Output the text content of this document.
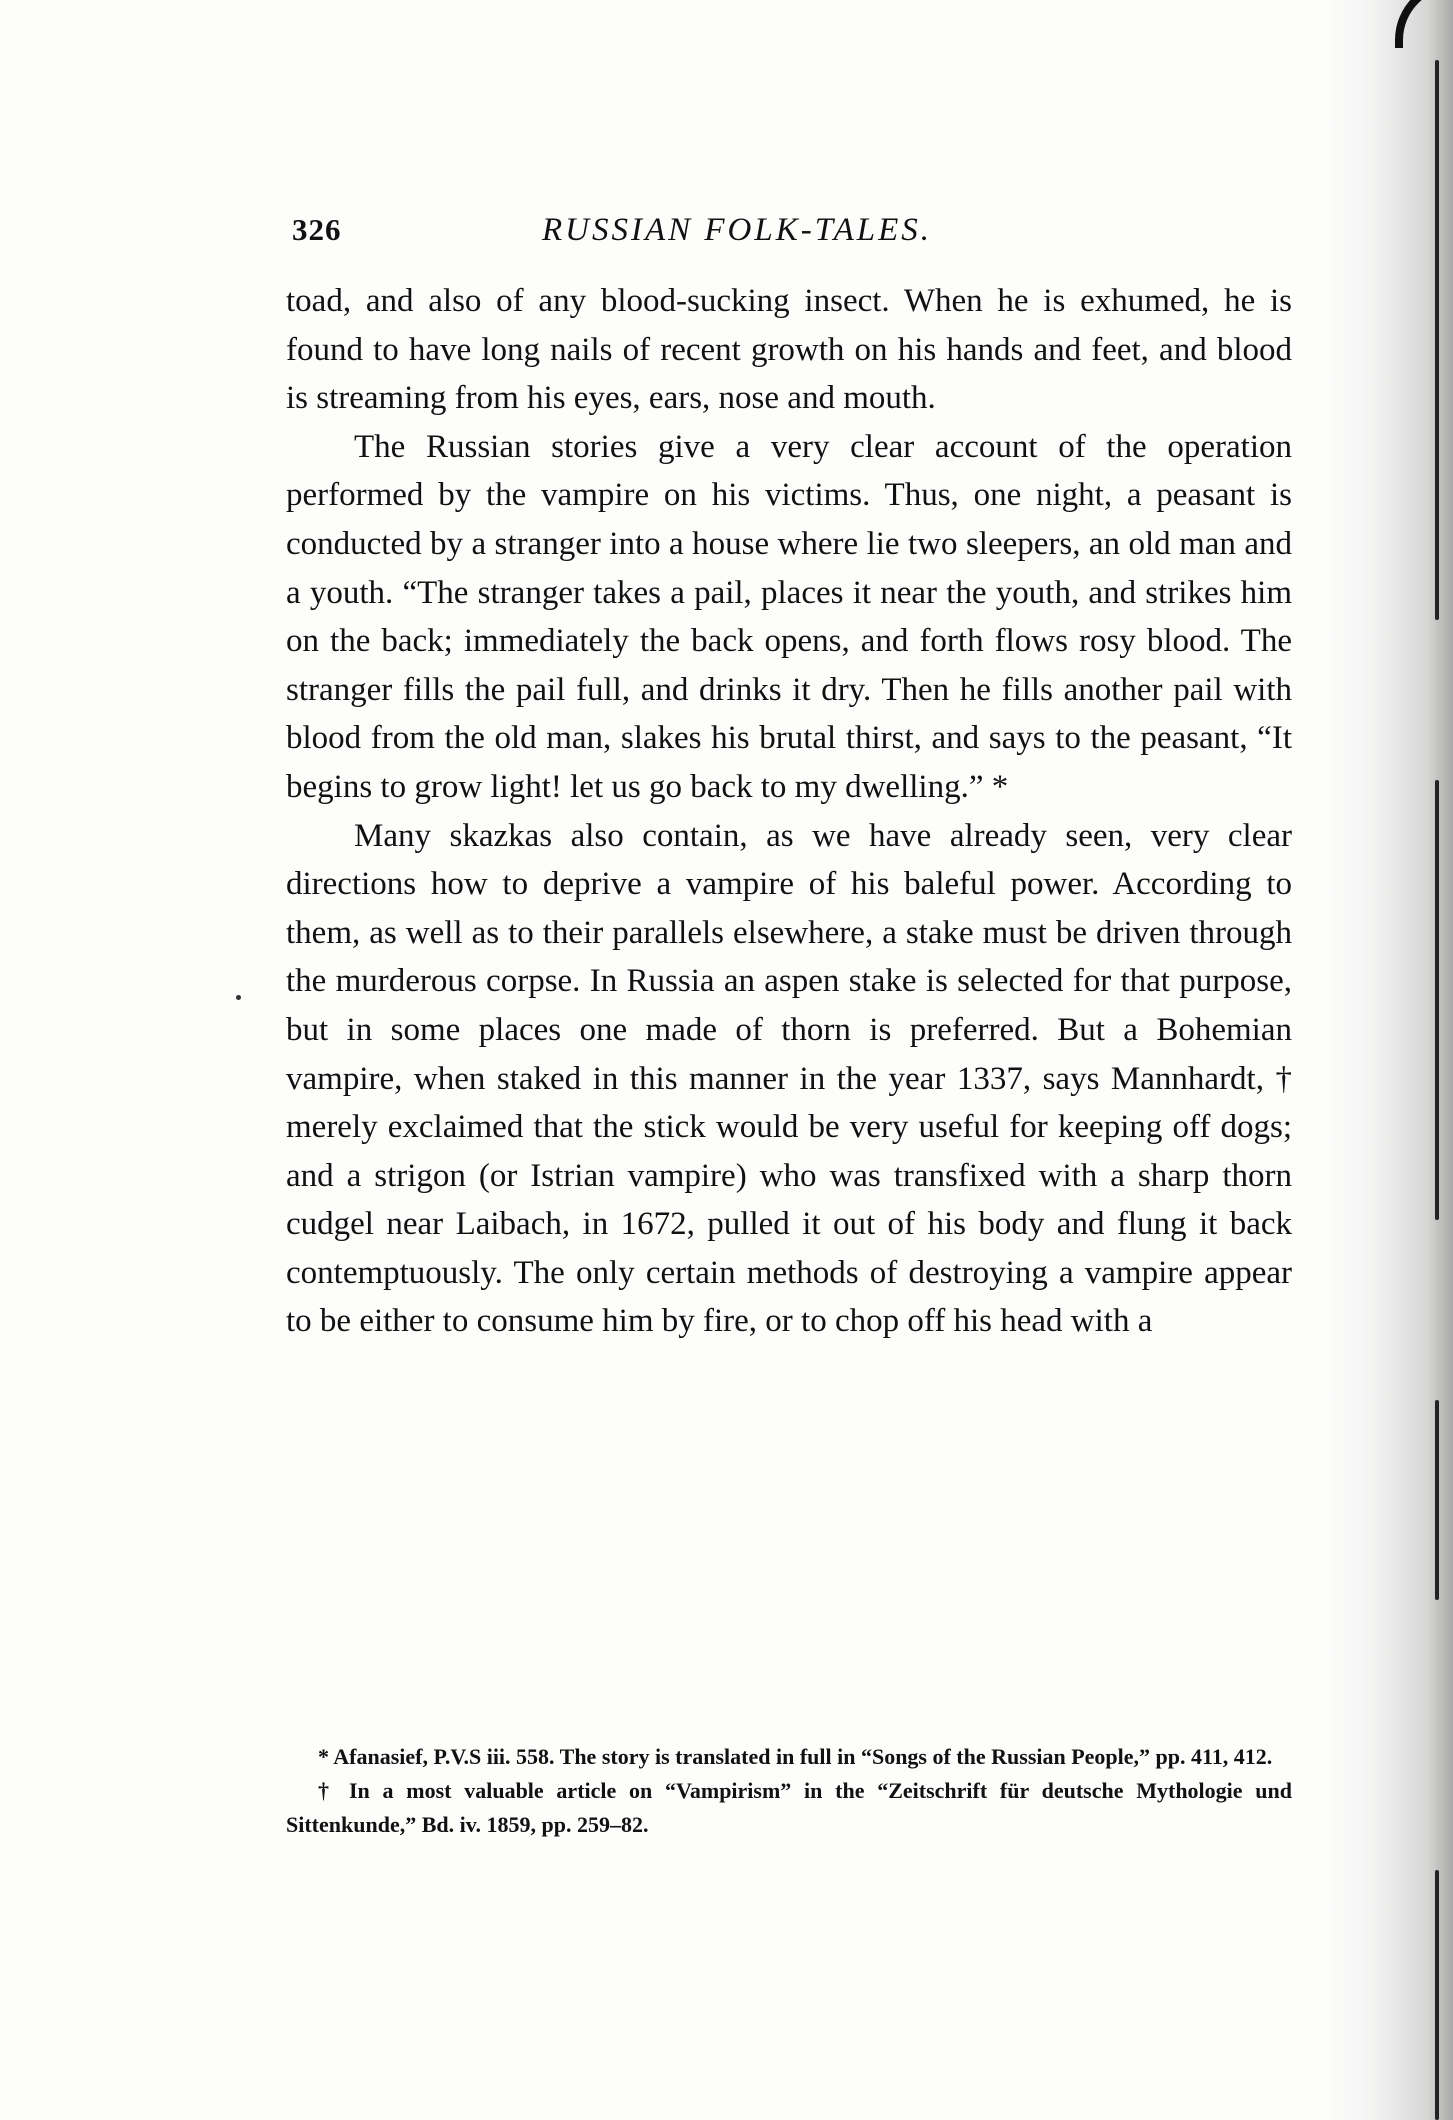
326	RUSSIAN FOLK-TALES.

toad, and also of any blood-sucking insect. When he is exhumed, he is found to have long nails of recent growth on his hands and feet, and blood is streaming from his eyes, ears, nose and mouth.

The Russian stories give a very clear account of the operation performed by the vampire on his victims. Thus, one night, a peasant is conducted by a stranger into a house where lie two sleepers, an old man and a youth. “The stranger takes a pail, places it near the youth, and strikes him on the back; immediately the back opens, and forth flows rosy blood. The stranger fills the pail full, and drinks it dry. Then he fills another pail with blood from the old man, slakes his brutal thirst, and says to the peasant, “It begins to grow light! let us go back to my dwelling.” *

Many skazkas also contain, as we have already seen, very clear directions how to deprive a vampire of his baleful power. According to them, as well as to their parallels elsewhere, a stake must be driven through the murderous corpse. In Russia an aspen stake is selected for that purpose, but in some places one made of thorn is preferred. But a Bohemian vampire, when staked in this manner in the year 1337, says Mannhardt, † merely exclaimed that the stick would be very useful for keeping off dogs; and a strigon (or Istrian vampire) who was transfixed with a sharp thorn cudgel near Laibach, in 1672, pulled it out of his body and flung it back contemptuously. The only certain methods of destroying a vampire appear to be either to consume him by fire, or to chop off his head with a

* Afanasief, P.V.S iii. 558. The story is translated in full in “Songs of the Russian People,” pp. 411, 412.

† In a most valuable article on “Vampirism” in the “Zeitschrift für deutsche Mythologie und Sittenkunde,” Bd. iv. 1859, pp. 259–82.
